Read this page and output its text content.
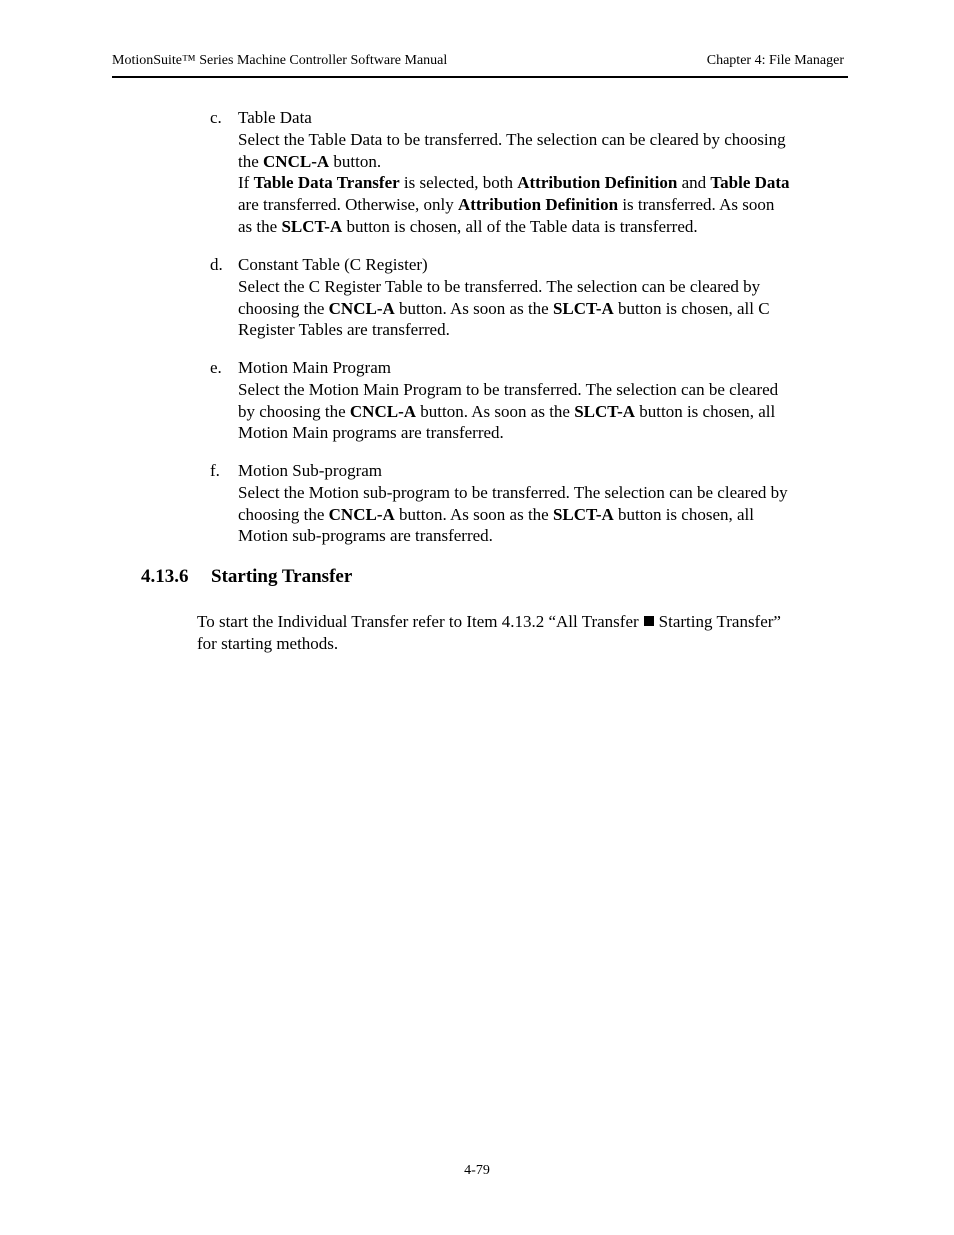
MotionSuite™ Series Machine Controller Software Manual	Chapter 4: File Manager
c. Table Data
Select the Table Data to be transferred. The selection can be cleared by choosing
the CNCL-A button.
If Table Data Transfer is selected, both Attribution Definition and Table Data
are transferred. Otherwise, only Attribution Definition is transferred. As soon
as the SLCT-A button is chosen, all of the Table data is transferred.
d. Constant Table (C Register)
Select the C Register Table to be transferred. The selection can be cleared by
choosing the CNCL-A button. As soon as the SLCT-A button is chosen, all C
Register Tables are transferred.
e. Motion Main Program
Select the Motion Main Program to be transferred. The selection can be cleared
by choosing the CNCL-A button. As soon as the SLCT-A button is chosen, all
Motion Main programs are transferred.
f. Motion Sub-program
Select the Motion sub-program to be transferred. The selection can be cleared by
choosing the CNCL-A button. As soon as the SLCT-A button is chosen, all
Motion sub-programs are transferred.
4.13.6 Starting Transfer
To start the Individual Transfer refer to Item 4.13.2 “All Transfer Starting Transfer”
for starting methods.
4-79
